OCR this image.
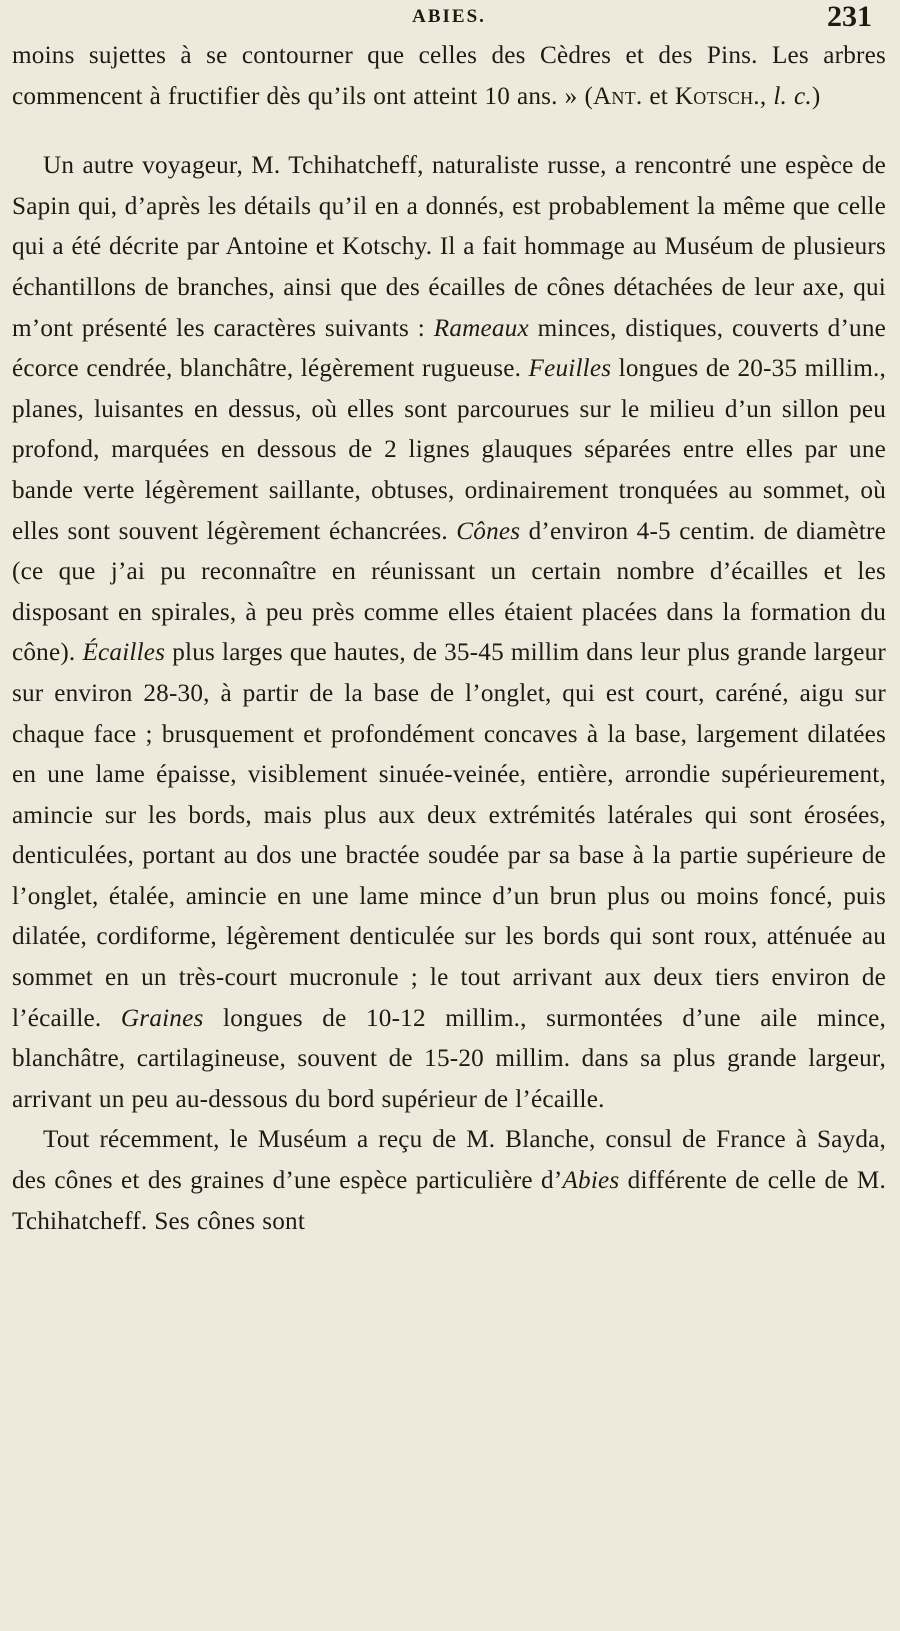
ABIES.	231

moins sujettes à se contourner que celles des Cèdres et des Pins. Les arbres commencent à fructifier dès qu’ils ont atteint 10 ans. » (Ant. et Kotsch., l. c.)

Un autre voyageur, M. Tchihatcheff, naturaliste russe, a rencontré une espèce de Sapin qui, d’après les détails qu’il en a donnés, est probablement la même que celle qui a été décrite par Antoine et Kotschy. Il a fait hommage au Muséum de plusieurs échantillons de branches, ainsi que des écailles de cônes détachées de leur axe, qui m’ont présenté les caractères suivants : Rameaux minces, distiques, couverts d’une écorce cendrée, blanchâtre, légèrement rugueuse. Feuilles longues de 20-35 millim., planes, luisantes en dessus, où elles sont parcourues sur le milieu d’un sillon peu profond, marquées en dessous de 2 lignes glauques séparées entre elles par une bande verte légèrement saillante, obtuses, ordinairement tronquées au sommet, où elles sont souvent légèrement échancrées. Cônes d’environ 4-5 centim. de diamètre (ce que j’ai pu reconnaître en réunissant un certain nombre d’écailles et les disposant en spirales, à peu près comme elles étaient placées dans la formation du cône). Écailles plus larges que hautes, de 35-45 millim dans leur plus grande largeur sur environ 28-30, à partir de la base de l’onglet, qui est court, caréné, aigu sur chaque face ; brusquement et profondément concaves à la base, largement dilatées en une lame épaisse, visiblement sinuée-veinée, entière, arrondie supérieurement, amincie sur les bords, mais plus aux deux extrémités latérales qui sont érosées, denticulées, portant au dos une bractée soudée par sa base à la partie supérieure de l’onglet, étalée, amincie en une lame mince d’un brun plus ou moins foncé, puis dilatée, cordiforme, légèrement denticulée sur les bords qui sont roux, atténuée au sommet en un très-court mucronule ; le tout arrivant aux deux tiers environ de l’écaille. Graines longues de 10-12 millim., surmontées d’une aile mince, blanchâtre, cartilagineuse, souvent de 15-20 millim. dans sa plus grande largeur, arrivant un peu au-dessous du bord supérieur de l’écaille.

Tout récemment, le Muséum a reçu de M. Blanche, consul de France à Sayda, des cônes et des graines d’une espèce particulière d’Abies différente de celle de M. Tchihatcheff. Ses cônes sont
